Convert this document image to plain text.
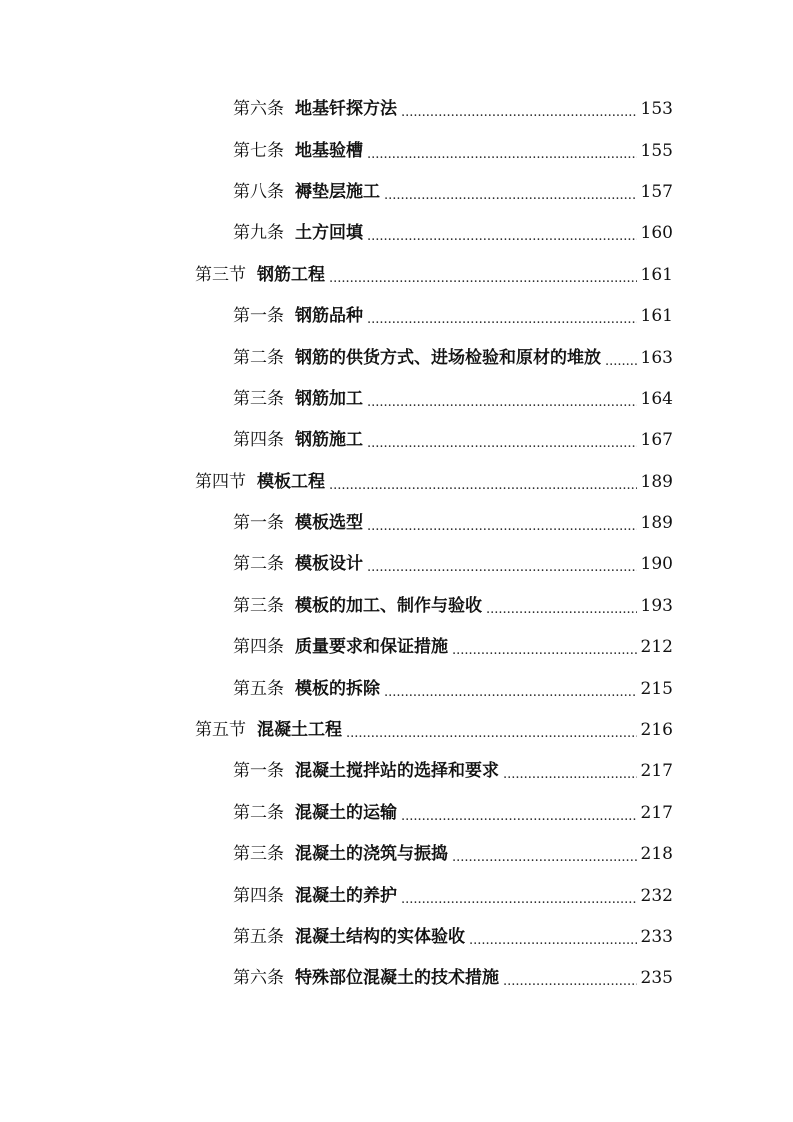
第六条 地基钎探方法 .....	153
第七条 地基验槽 .....	155
第八条 褥垫层施工 .....	157
第九条 土方回填 .....	160
第三节 钢筋工程 .....	161
第一条 钢筋品种 .....	161
第二条 钢筋的供货方式、进场检验和原材的堆放 ..... 163
第三条 钢筋加工 .....	164
第四条 钢筋施工 .....	167
第四节 模板工程 .....	189
第一条 模板选型 .....	189
第二条 模板设计 .....	190
第三条 模板的加工、制作与验收 .....	193
第四条 质量要求和保证措施 .....	212
第五条 模板的拆除 .....	215
第五节 混凝土工程 .....	216
第一条 混凝土搅拌站的选择和要求 .....	217
第二条 混凝土的运输 .....	217
第三条 混凝土的浇筑与振捣 .....	218
第四条 混凝土的养护 .....	232
第五条 混凝土结构的实体验收 .....	233
第六条 特殊部位混凝土的技术措施 .....	235
